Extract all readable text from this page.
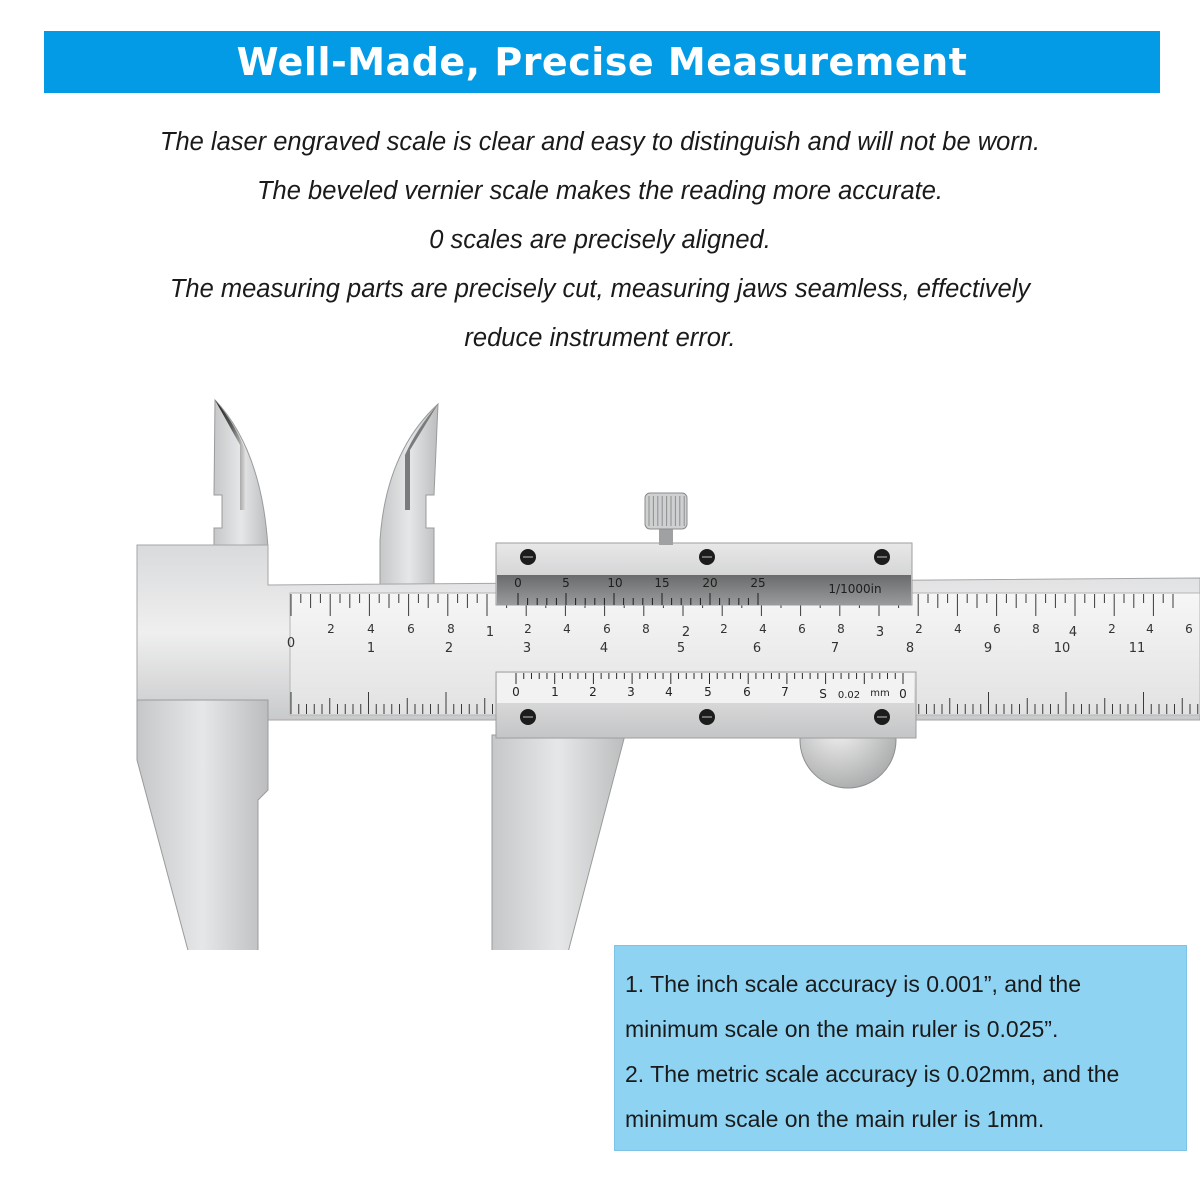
Well-Made, Precise Measurement

The laser engraved scale is clear and easy to distinguish and will not be worn.

The beveled vernier scale makes the reading more accurate.

0 scales are precisely aligned.

The measuring parts are precisely cut, measuring jaws seamless, effectively

reduce instrument error.

2	4	6	8 1	2	4	6	8 2	2	4	6	8 3	2	4	6	8 4	2	4	6
0	1	2	3	4	5	6	7	8	9	10	11
0	5	10	15	20	25	1/1000in
0	1	2	3	4	5	6	7	S 0.02 mm 0

1. The inch scale accuracy is 0.001”, and the

minimum scale on the main ruler is 0.025”.

2. The metric scale accuracy is 0.02mm, and the

minimum scale on the main ruler is 1mm.
